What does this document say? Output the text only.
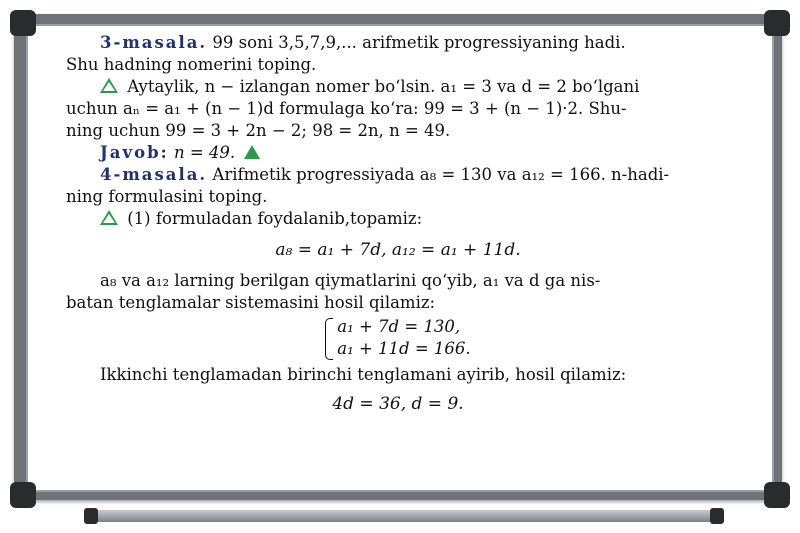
3-masala. 99 soni 3,5,7,9,... arifmetik progressiyaning hadi.
Shu hadning nomerini toping.
Aytaylik, n − izlangan nomer bo‘lsin. a₁ = 3 va d = 2 bo‘lgani
uchun aₙ = a₁ + (n − 1)d formulaga ko‘ra: 99 = 3 + (n − 1)·2. Shu-
ning uchun 99 = 3 + 2n − 2; 98 = 2n, n = 49.
Javob: n = 49.
4-masala. Arifmetik progressiyada a₈ = 130 va a₁₂ = 166. n-hadi-
ning formulasini toping.
(1) formuladan foydalanib,topamiz:
a₈ = a₁ + 7d, a₁₂ = a₁ + 11d.
a₈ va a₁₂ larning berilgan qiymatlarini qo‘yib, a₁ va d ga nis-
batan tenglamalar sistemasini hosil qilamiz:
a₁ + 7d = 130,
a₁ + 11d = 166.
Ikkinchi tenglamadan birinchi tenglamani ayirib, hosil qilamiz:
4d = 36, d = 9.
